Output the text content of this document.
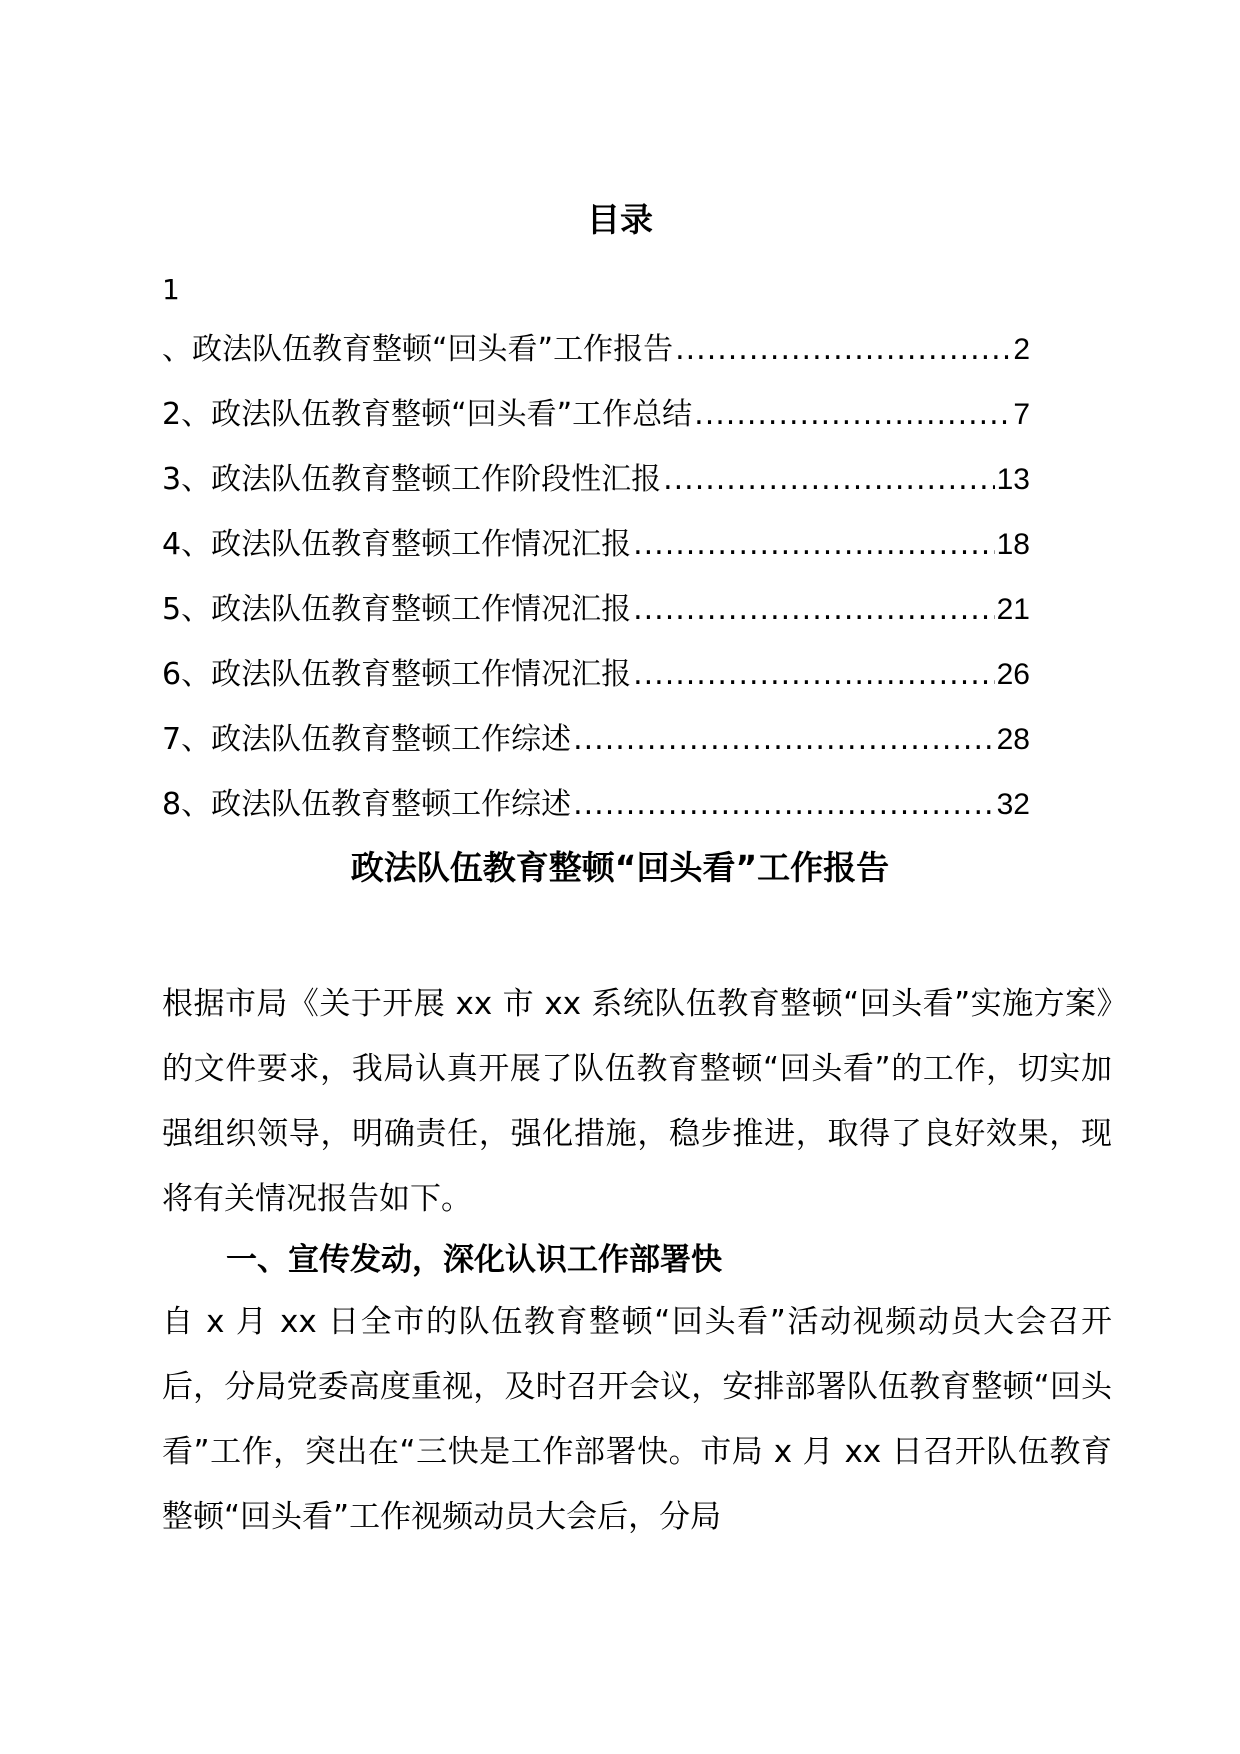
目录
1
、政法队伍教育整顿“回头看”工作报告 .....	2
2、政法队伍教育整顿“回头看”工作总结 .....	7
3、政法队伍教育整顿工作阶段性汇报 .....	13
4、政法队伍教育整顿工作情况汇报 .....	18
5、政法队伍教育整顿工作情况汇报 .....	21
6、政法队伍教育整顿工作情况汇报 .....	26
7、政法队伍教育整顿工作综述 .....	28
8、政法队伍教育整顿工作综述 .....	32
政法队伍教育整顿“回头看”工作报告

根据市局《关于开展 xx 市 xx 系统队伍教育整顿“回头看”实施方案》的文件要求，我局认真开展了队伍教育整顿“回头看”的工作，切实加强组织领导，明确责任，强化措施，稳步推进，取得了良好效果，现将有关情况报告如下。

一、宣传发动，深化认识工作部署快

自 x 月 xx 日全市的队伍教育整顿“回头看”活动视频动员大会召开后，分局党委高度重视，及时召开会议，安排部署队伍教育整顿“回头看”工作，突出在“三快是工作部署快。市局 x 月 xx 日召开队伍教育整顿“回头看”工作视频动员大会后，分局
